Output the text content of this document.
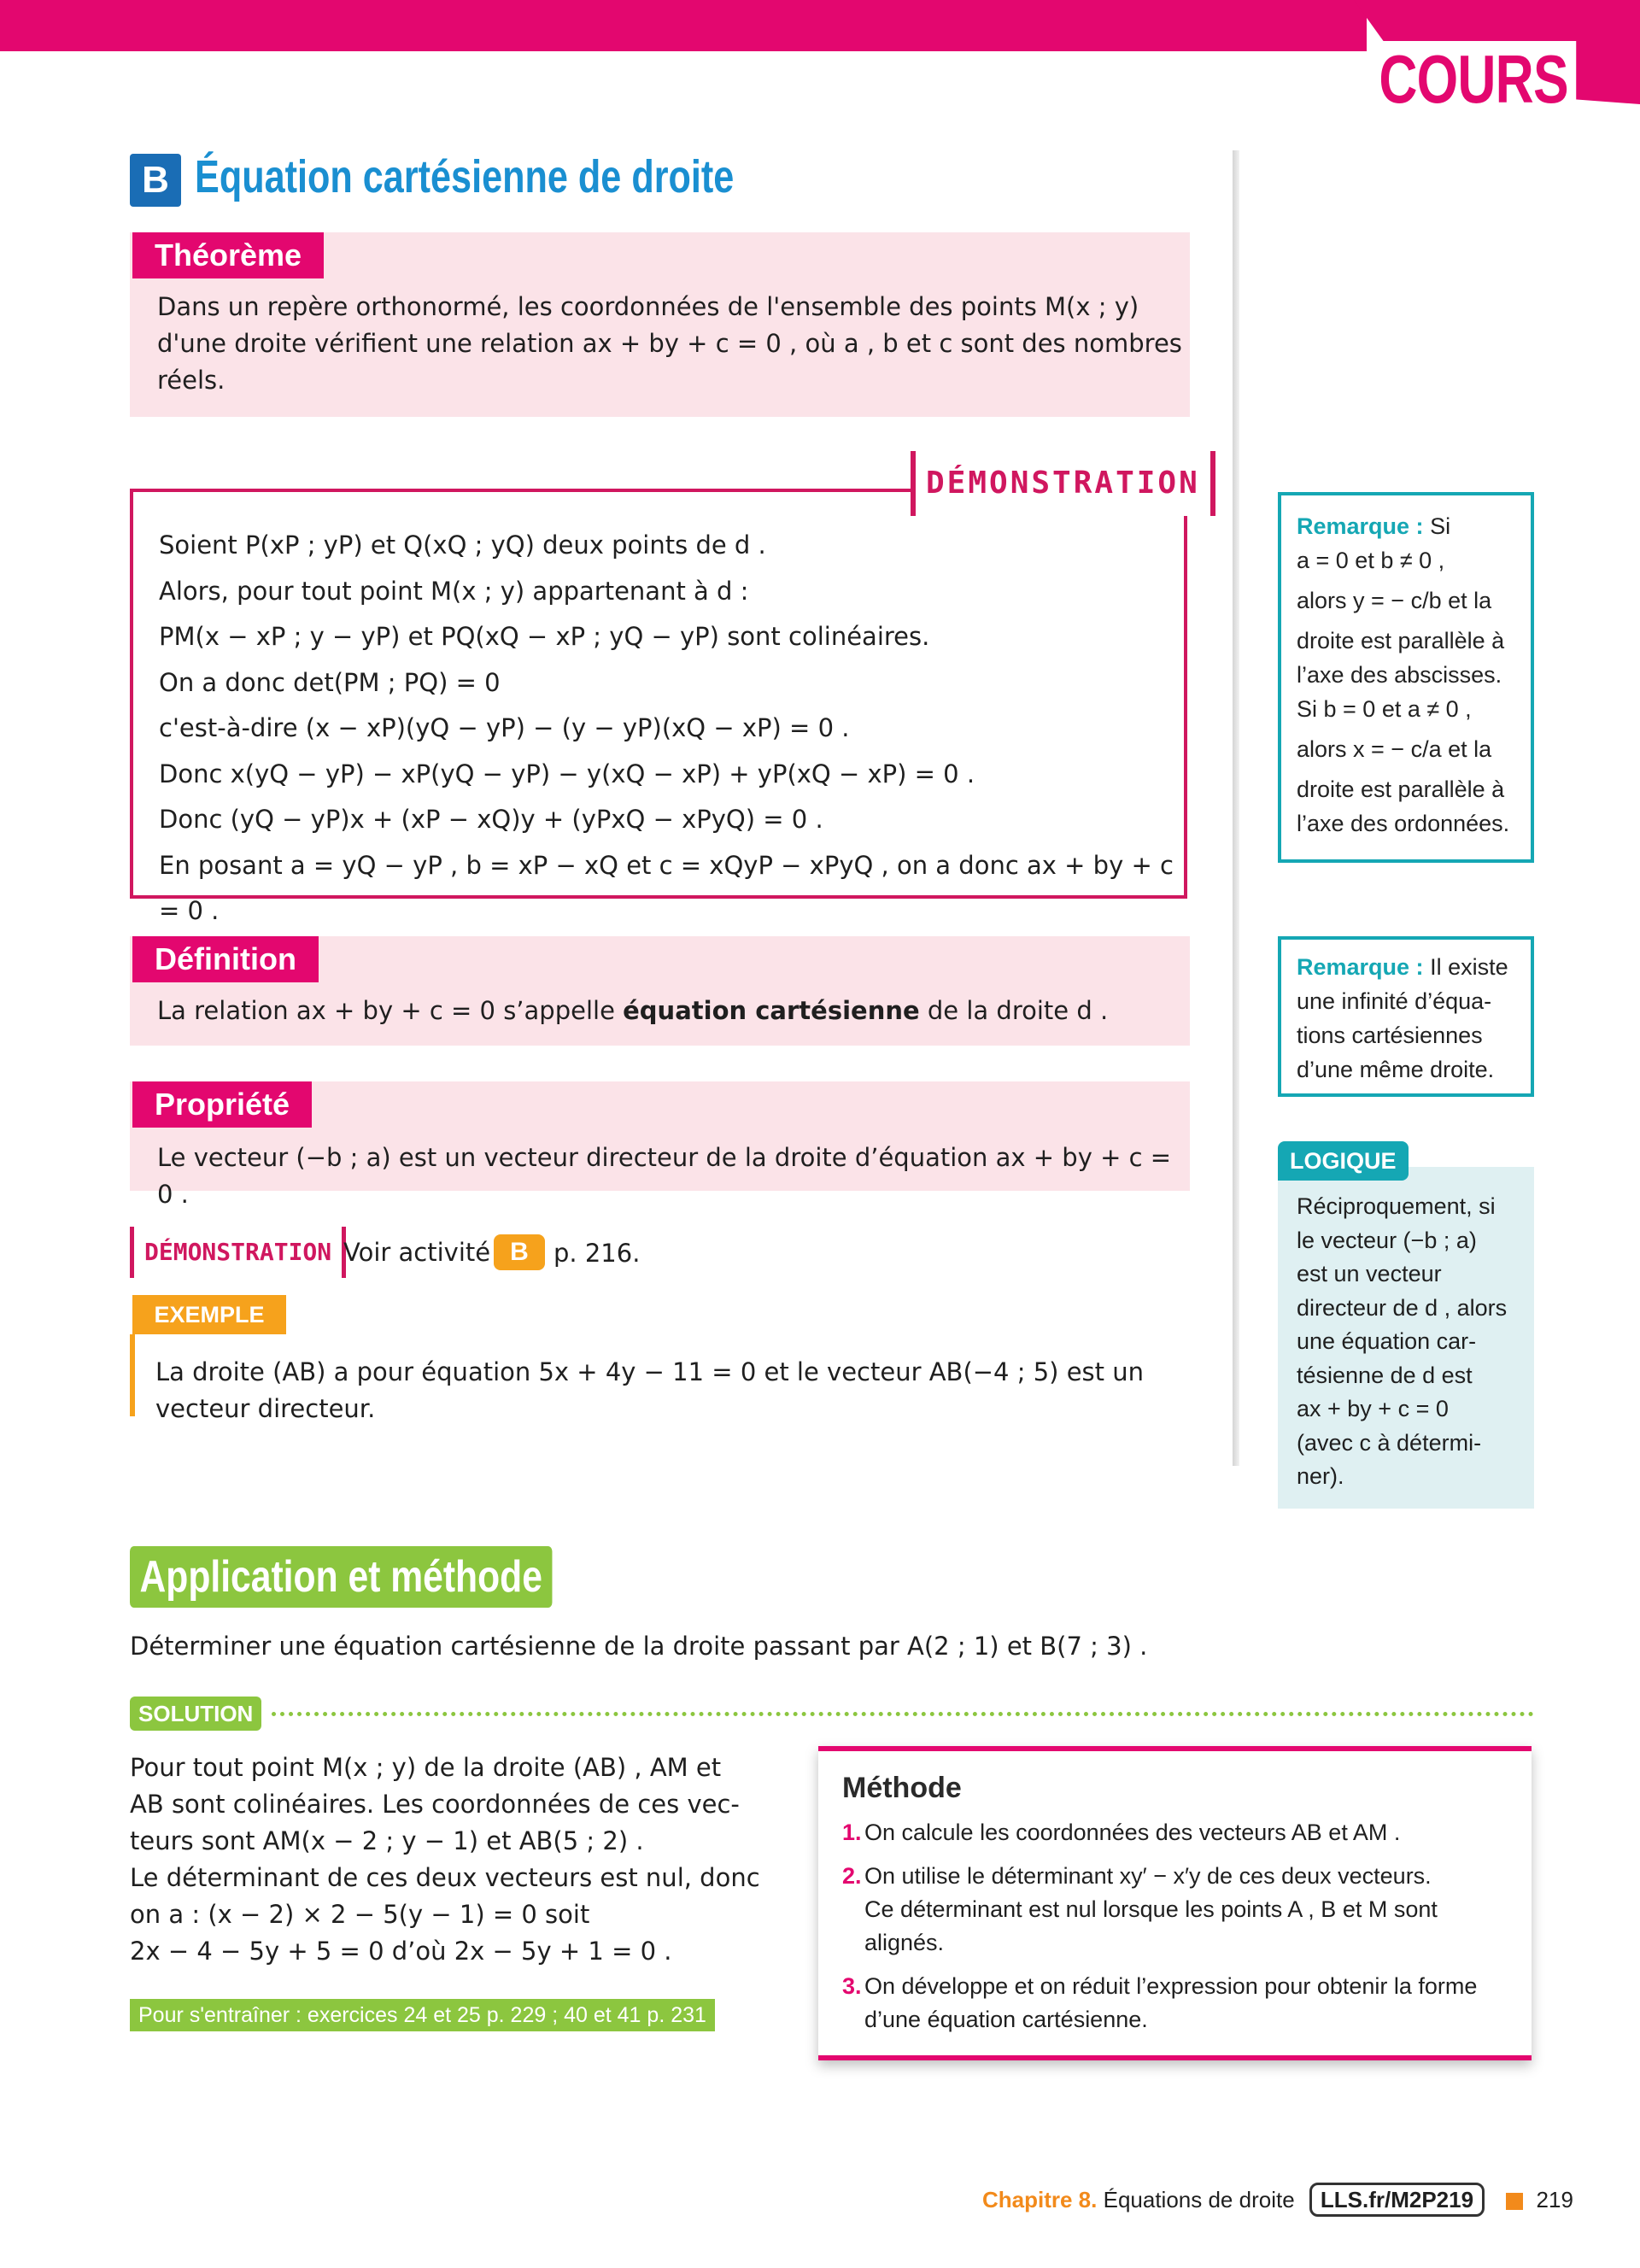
COURS
B Équation cartésienne de droite
Théorème
Dans un repère orthonormé, les coordonnées de l'ensemble des points M(x ; y)
d'une droite vérifient une relation ax + by + c = 0 , où a , b et c sont des nombres
réels.
DÉMONSTRATION
Soient P(xP ; yP) et Q(xQ ; yQ) deux points de d .
Alors, pour tout point M(x ; y) appartenant à d :
PM(x − xP ; y − yP) et PQ(xQ − xP ; yQ − yP) sont colinéaires.
On a donc det(PM ; PQ) = 0
c'est-à-dire (x − xP)(yQ − yP) − (y − yP)(xQ − xP) = 0 .
Donc x(yQ − yP) − xP(yQ − yP) − y(xQ − xP) + yP(xQ − xP) = 0 .
Donc (yQ − yP)x + (xP − xQ)y + (yPxQ − xPyQ) = 0 .
En posant a = yQ − yP , b = xP − xQ et c = xQyP − xPyQ , on a donc ax + by + c = 0 .
Remarque : Si
a = 0 et b ≠ 0 ,
alors y = − c/b et la
droite est parallèle à
l’axe des abscisses.
Si b = 0 et a ≠ 0 ,
alors x = − c/a et la
droite est parallèle à
l’axe des ordonnées.
Définition
La relation ax + by + c = 0 s’appelle équation cartésienne de la droite d .
Remarque : Il existe
une infinité d’équa-
tions cartésiennes
d’une même droite.
Propriété
Le vecteur (−b ; a) est un vecteur directeur de la droite d’équation ax + by + c = 0 .
LOGIQUE
Réciproquement, si
le vecteur (−b ; a)
est un vecteur
directeur de d , alors
une équation car-
tésienne de d est
ax + by + c = 0
(avec c à détermi-
ner).
DÉMONSTRATION Voir activité B	p. 216.
EXEMPLE
La droite (AB) a pour équation 5x + 4y − 11 = 0 et le vecteur AB(−4 ; 5) est un
vecteur directeur.
Application et méthode
Déterminer une équation cartésienne de la droite passant par A(2 ; 1) et B(7 ; 3) .
SOLUTION
Pour tout point M(x ; y) de la droite (AB) , AM et
AB sont colinéaires. Les coordonnées de ces vec-
teurs sont AM(x − 2 ; y − 1) et AB(5 ; 2) .
Le déterminant de ces deux vecteurs est nul, donc
on a : (x − 2) × 2 − 5(y − 1) = 0 soit
2x − 4 − 5y + 5 = 0 d’où 2x − 5y + 1 = 0 .
Pour s'entraîner : exercices 24 et 25 p. 229 ; 40 et 41 p. 231
Méthode
1. On calcule les coordonnées des vecteurs AB et AM .
2. On utilise le déterminant xy′ − x′y de ces deux vecteurs.
Ce déterminant est nul lorsque les points A , B et M sont
alignés.
3. On développe et on réduit l’expression pour obtenir la forme
d’une équation cartésienne.
Chapitre 8. Équations de droite LLS.fr/M2P219	219
